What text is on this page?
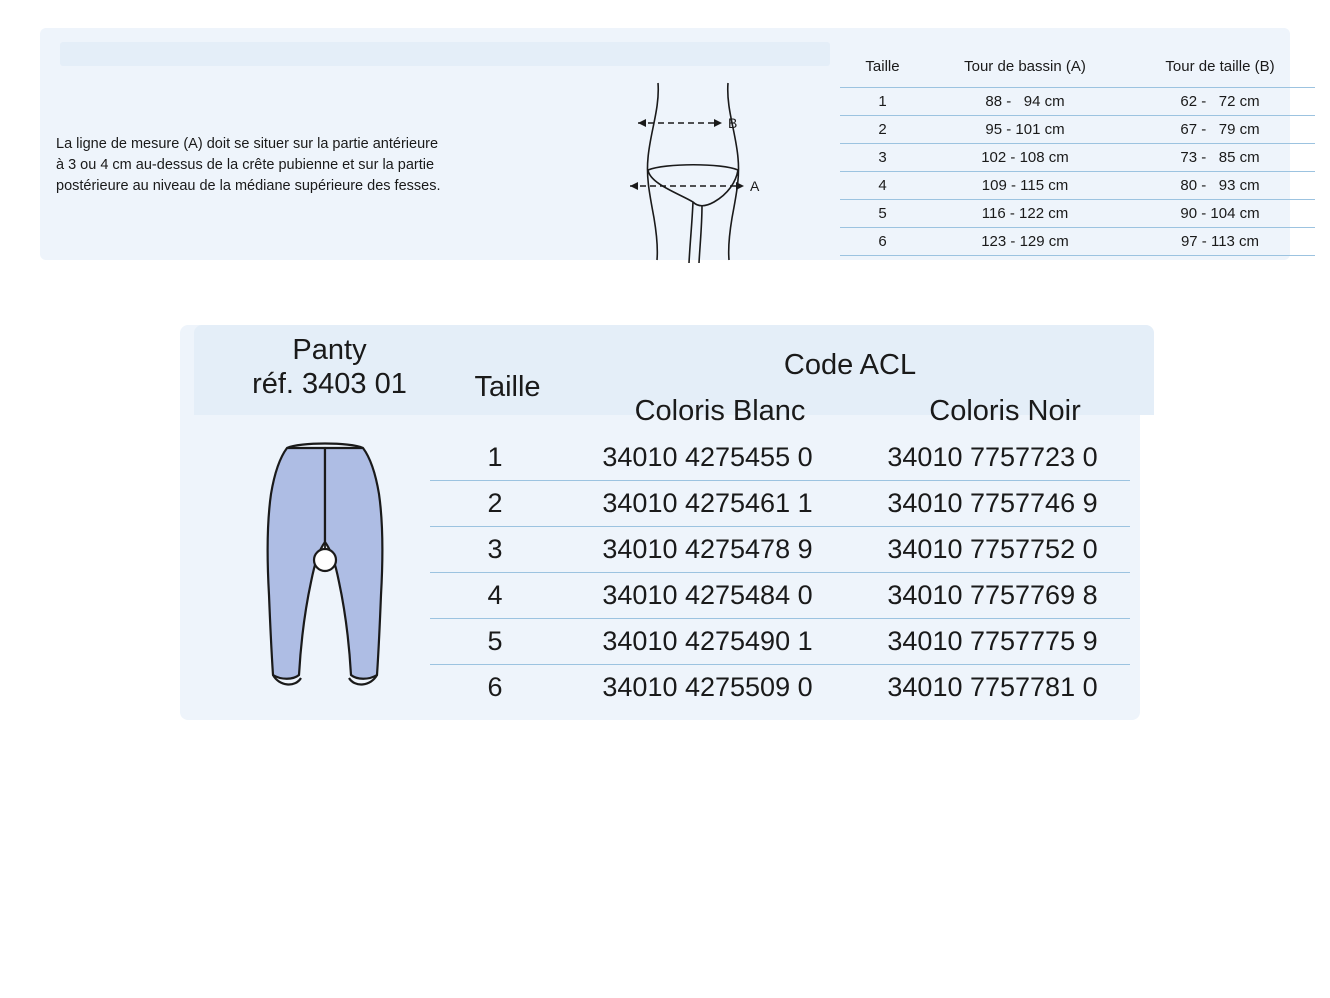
La ligne de mesure (A) doit se situer sur la partie antérieure
à 3 ou 4 cm au-dessus de la crête pubienne et sur la partie
postérieure au niveau de la médiane supérieure des fesses.
B
A
Taille	Tour de bassin (A)	Tour de taille (B)
1	88 -   94 cm	62 -   72 cm
2	95 - 101 cm	67 -   79 cm
3	102 - 108 cm	73 -   85 cm
4	109 - 115 cm	80 -   93 cm
5	116 - 122 cm	90 - 104 cm
6	123 - 129 cm	97 - 113 cm
Panty
réf. 3403 01	Taille
Code ACL
Coloris Blanc	Coloris Noir
1	34010 4275455 0	34010 7757723 0
2	34010 4275461 1	34010 7757746 9
3	34010 4275478 9	34010 7757752 0
4	34010 4275484 0	34010 7757769 8
5	34010 4275490 1	34010 7757775 9
6	34010 4275509 0	34010 7757781 0
